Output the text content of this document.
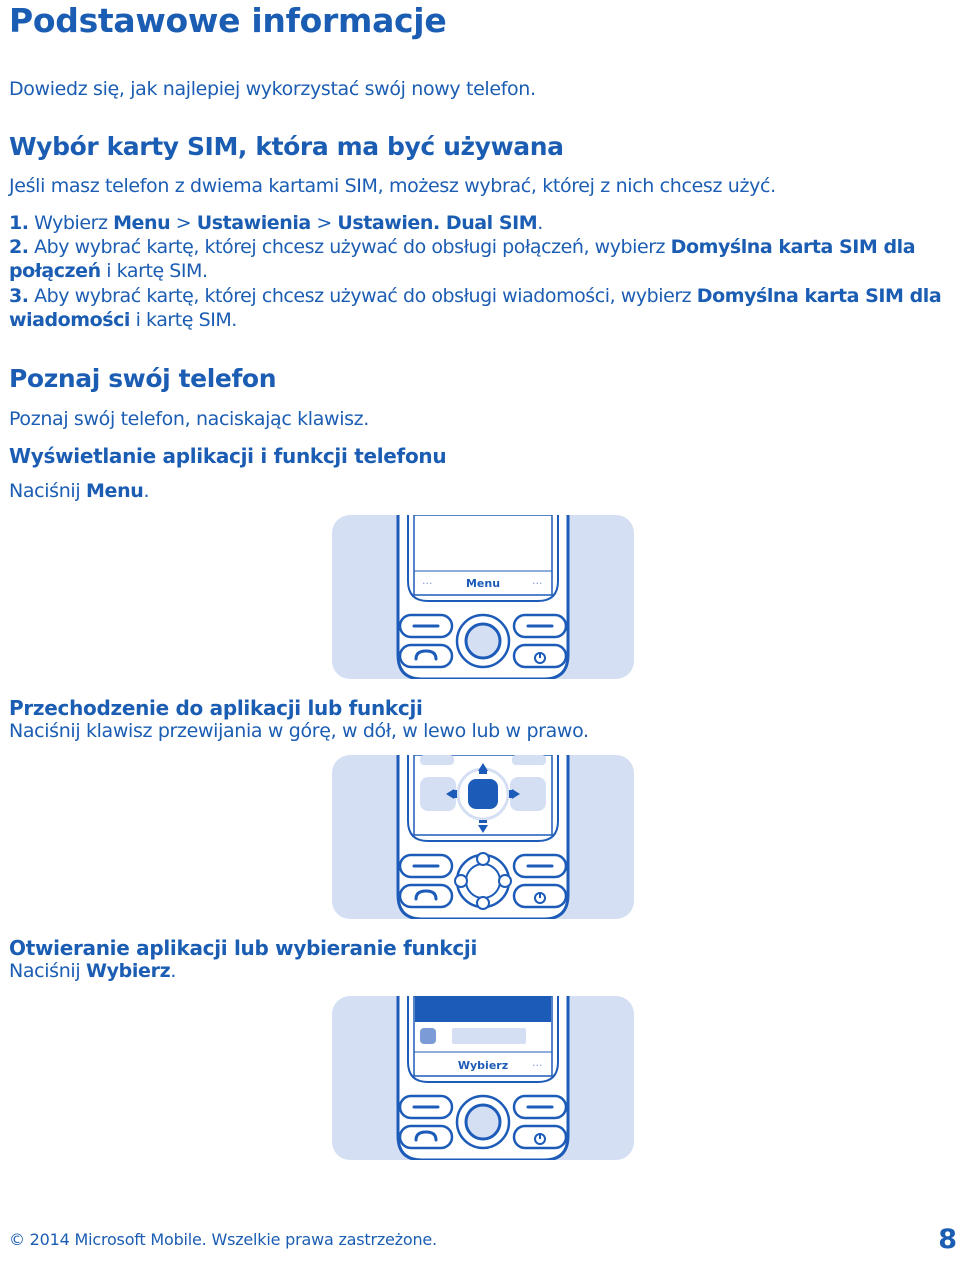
Podstawowe informacje

Dowiedz się, jak najlepiej wykorzystać swój nowy telefon.

Wybór karty SIM, która ma być używana

Jeśli masz telefon z dwiema kartami SIM, możesz wybrać, której z nich chcesz użyć.

1. Wybierz Menu > Ustawienia > Ustawien. Dual SIM.

2. Aby wybrać kartę, której chcesz używać do obsługi połączeń, wybierz Domyślna karta SIM dla

połączeń i kartę SIM.

3. Aby wybrać kartę, której chcesz używać do obsługi wiadomości, wybierz Domyślna karta SIM dla

wiadomości i kartę SIM.

Poznaj swój telefon

Poznaj swój telefon, naciskając klawisz.

Wyświetlanie aplikacji i funkcji telefonu

Naciśnij Menu.

···	Menu	···
Przechodzenie do aplikacji lub funkcji

Naciśnij klawisz przewijania w górę, w dół, w lewo lub w prawo.

Otwieranie aplikacji lub wybieranie funkcji

Naciśnij Wybierz.

Wybierz ···

© 2014 Microsoft Mobile. Wszelkie prawa zastrzeżone.	8
